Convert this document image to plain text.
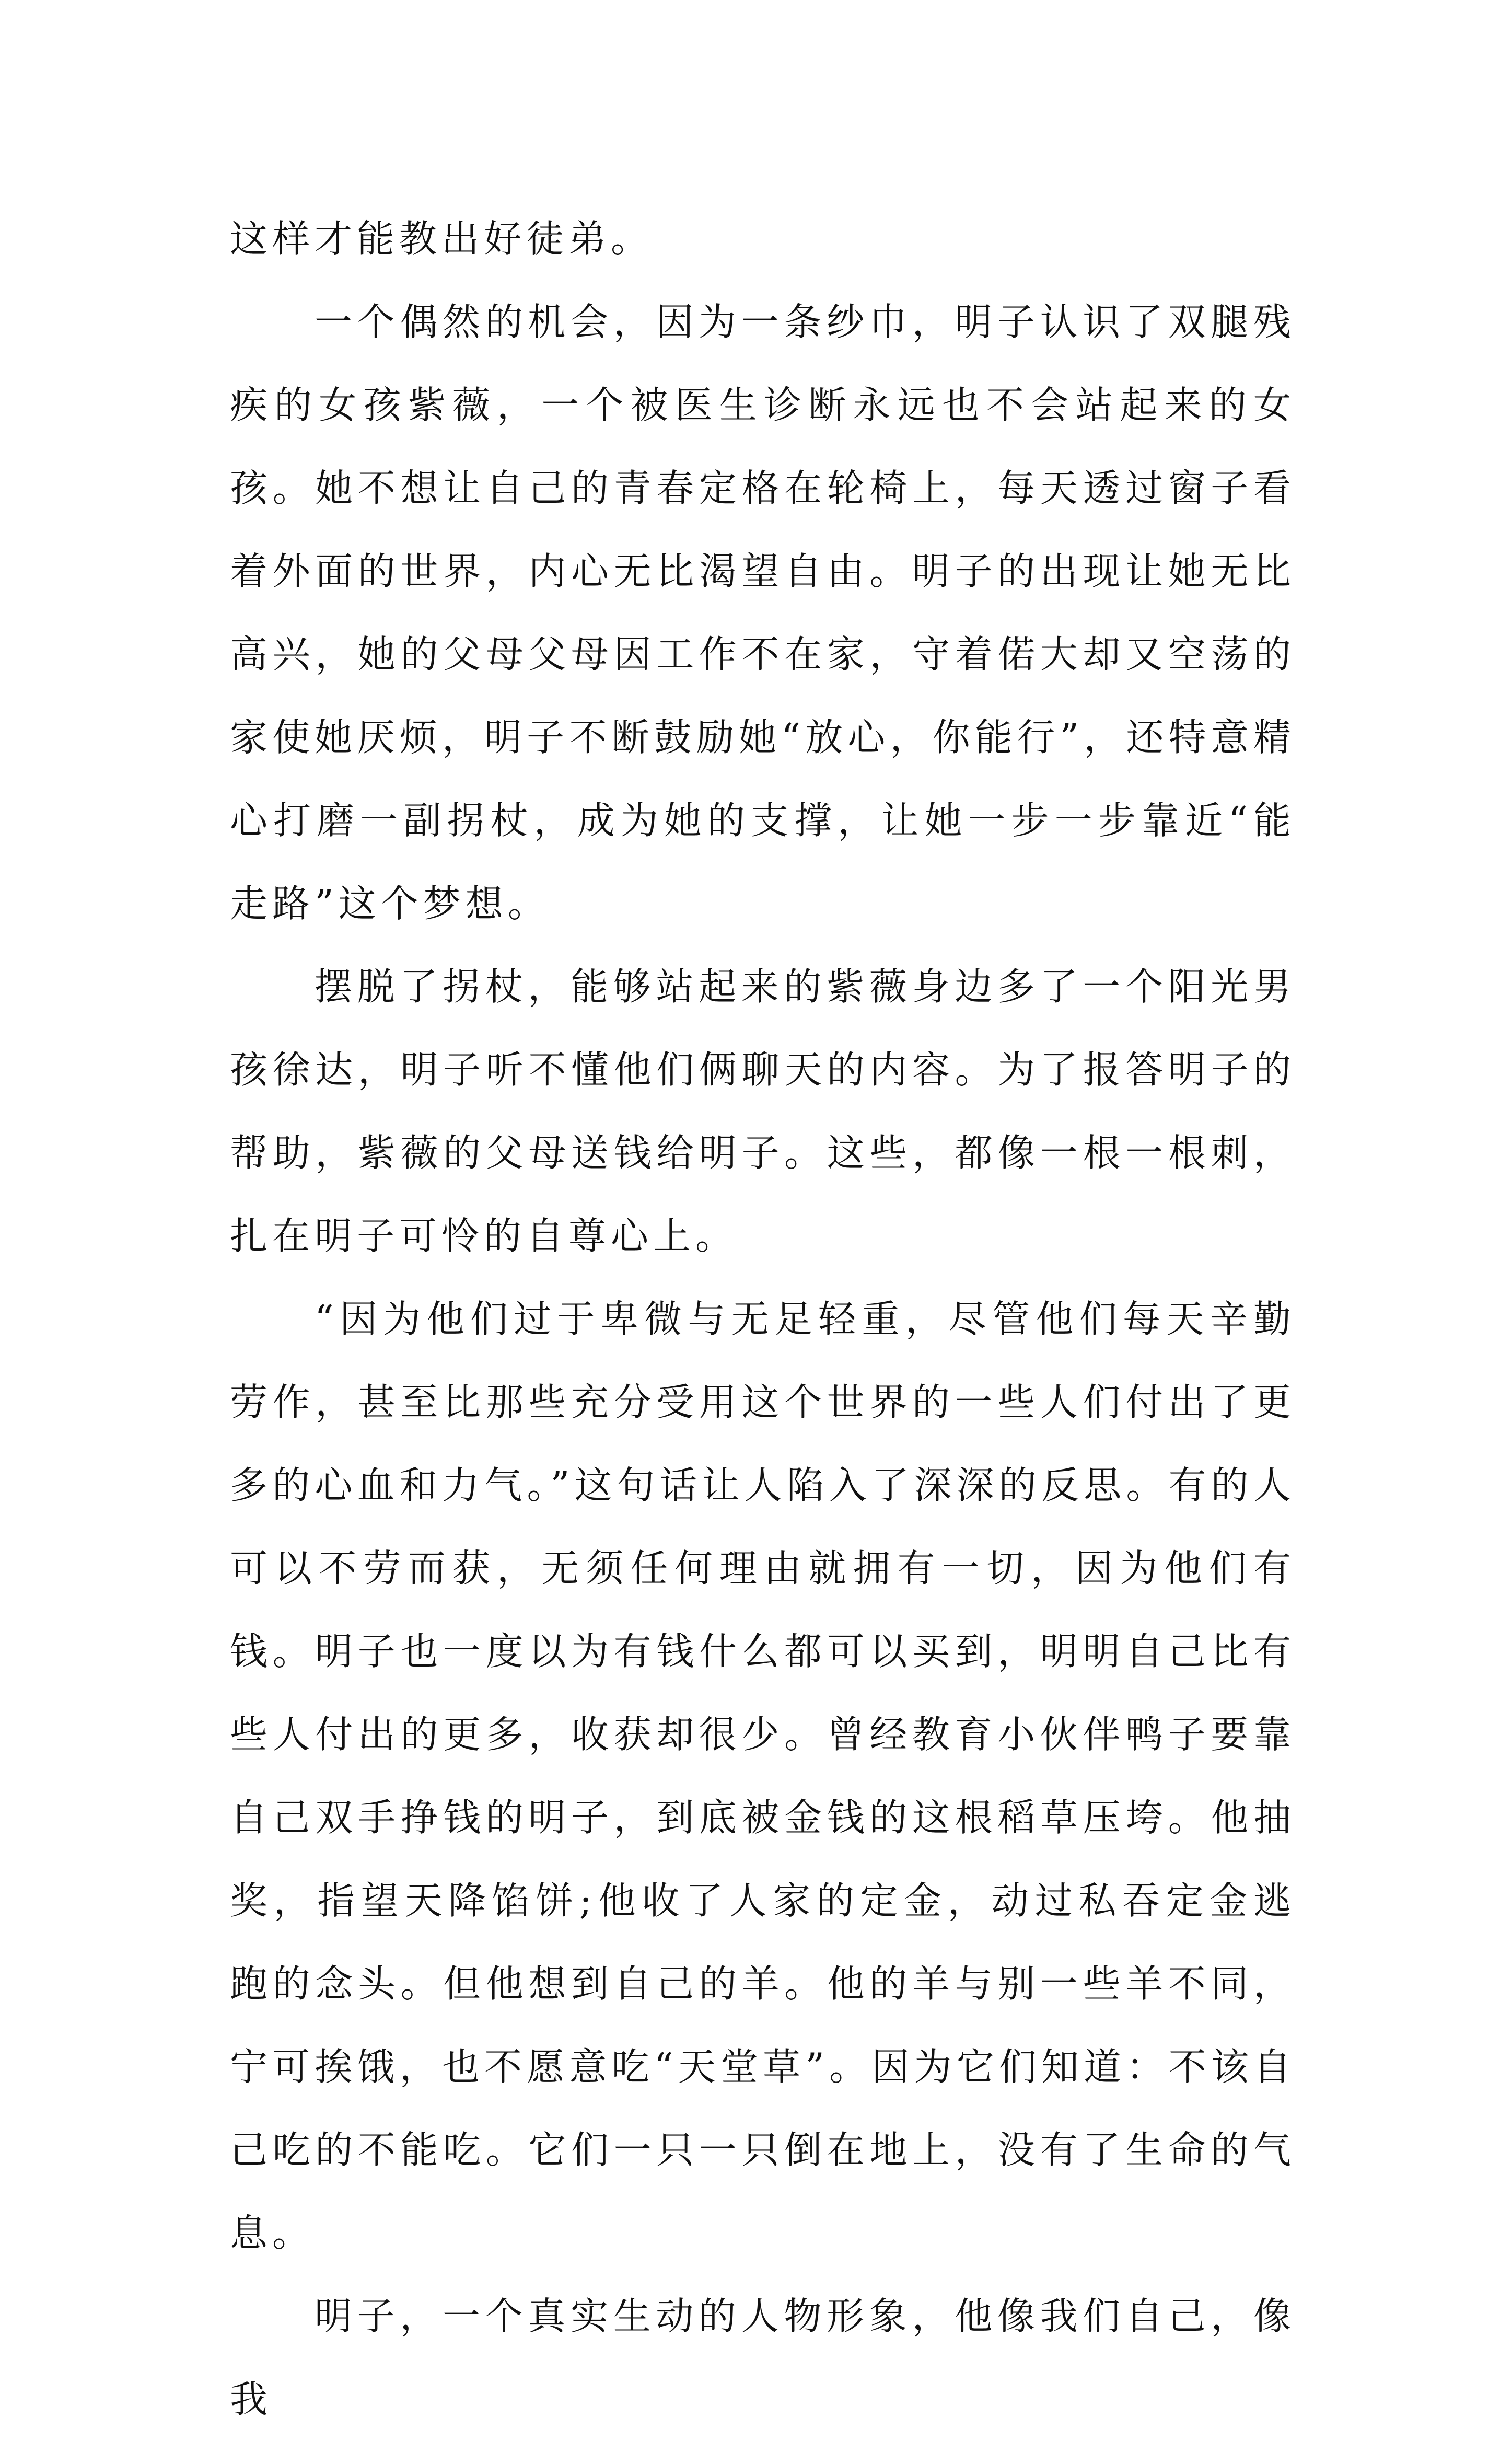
这样才能教出好徒弟。

一个偶然的机会，因为一条纱巾，明子认识了双腿残疾的女孩紫薇，一个被医生诊断永远也不会站起来的女孩。她不想让自己的青春定格在轮椅上，每天透过窗子看着外面的世界，内心无比渴望自由。明子的出现让她无比高兴，她的父母父母因工作不在家，守着偌大却又空荡的家使她厌烦，明子不断鼓励她“放心，你能行”，还特意精心打磨一副拐杖，成为她的支撑，让她一步一步靠近“能走路”这个梦想。

摆脱了拐杖，能够站起来的紫薇身边多了一个阳光男孩徐达，明子听不懂他们俩聊天的内容。为了报答明子的帮助，紫薇的父母送钱给明子。这些，都像一根一根刺，扎在明子可怜的自尊心上。

“因为他们过于卑微与无足轻重，尽管他们每天辛勤劳作，甚至比那些充分受用这个世界的一些人们付出了更多的心血和力气。”这句话让人陷入了深深的反思。有的人可以不劳而获，无须任何理由就拥有一切，因为他们有钱。明子也一度以为有钱什么都可以买到，明明自己比有些人付出的更多，收获却很少。曾经教育小伙伴鸭子要靠自己双手挣钱的明子，到底被金钱的这根稻草压垮。他抽奖，指望天降馅饼;他收了人家的定金，动过私吞定金逃跑的念头。但他想到自己的羊。他的羊与别一些羊不同，宁可挨饿，也不愿意吃“天堂草”。因为它们知道：不该自己吃的不能吃。它们一只一只倒在地上，没有了生命的气息。

明子，一个真实生动的人物形象，他像我们自己，像我
